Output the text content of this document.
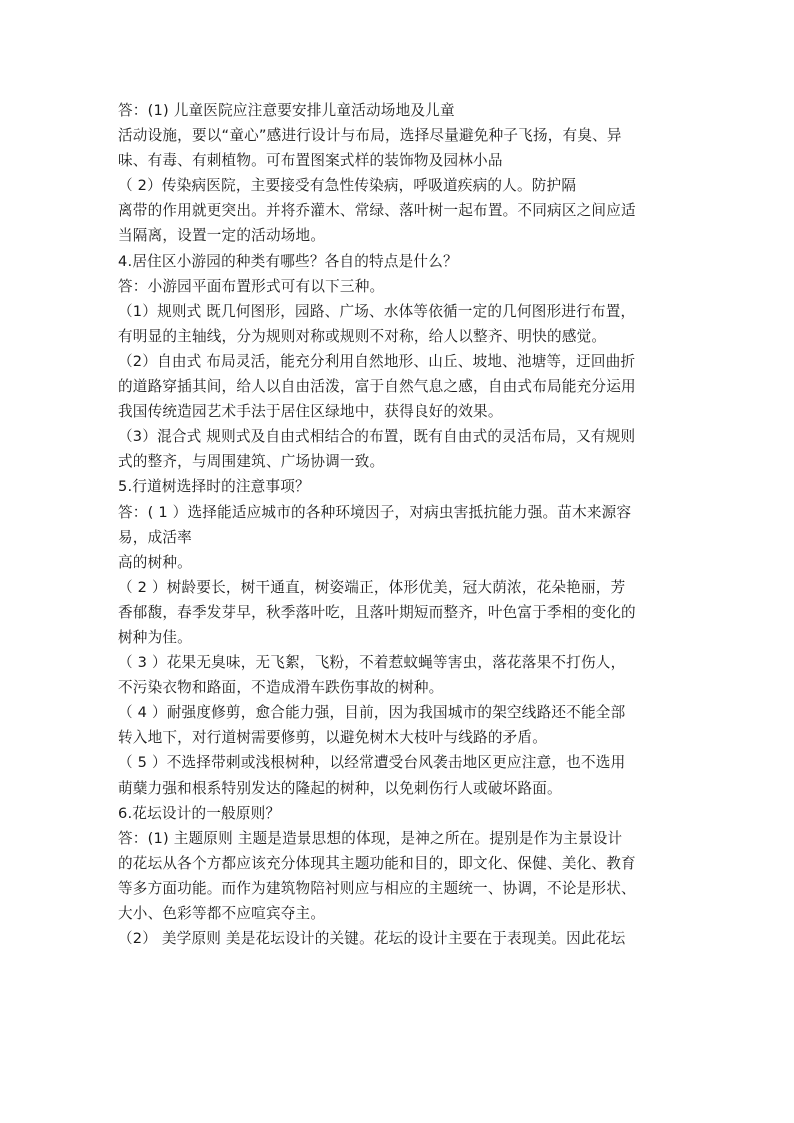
答：(1) 儿童医院应注意要安排儿童活动场地及儿童
活动设施，要以“童心”感进行设计与布局，选择尽量避免种子飞扬，有臭、异
味、有毒、有刺植物。可布置图案式样的装饰物及园林小品
（ 2）传染病医院，主要接受有急性传染病，呼吸道疾病的人。防护隔
离带的作用就更突出。并将乔灌木、常绿、落叶树一起布置。不同病区之间应适
当隔离，设置一定的活动场地。
4.居住区小游园的种类有哪些？各自的特点是什么？
答：小游园平面布置形式可有以下三种。
（1）规则式 既几何图形，园路、广场、水体等依循一定的几何图形进行布置，
有明显的主轴线，分为规则对称或规则不对称，给人以整齐、明快的感觉。
（2）自由式 布局灵活，能充分利用自然地形、山丘、坡地、池塘等，迂回曲折
的道路穿插其间，给人以自由活泼，富于自然气息之感，自由式布局能充分运用
我国传统造园艺术手法于居住区绿地中，获得良好的效果。
（3）混合式 规则式及自由式相结合的布置，既有自由式的灵活布局，又有规则
式的整齐，与周围建筑、广场协调一致。
5.行道树选择时的注意事项？
答：( 1 ）选择能适应城市的各种环境因子，对病虫害抵抗能力强。苗木来源容
易，成活率
高的树种。
（ 2 ）树龄要长，树干通直，树姿端正，体形优美，冠大荫浓，花朵艳丽，芳
香郁馥，春季发芽早，秋季落叶吃，且落叶期短而整齐，叶色富于季相的变化的
树种为佳。
（ 3 ）花果无臭味，无飞絮，飞粉，不着惹蚊蝇等害虫，落花落果不打伤人，
不污染衣物和路面，不造成滑车跌伤事故的树种。
（ 4 ）耐强度修剪，愈合能力强，目前，因为我国城市的架空线路还不能全部
转入地下，对行道树需要修剪，以避免树木大枝叶与线路的矛盾。
（ 5 ）不选择带刺或浅根树种，以经常遭受台风袭击地区更应注意，也不选用
萌蘖力强和根系特别发达的隆起的树种，以免刺伤行人或破坏路面。
6.花坛设计的一般原则？
答：(1) 主题原则 主题是造景思想的体现，是神之所在。提别是作为主景设计
的花坛从各个方都应该充分体现其主题功能和目的，即文化、保健、美化、教育
等多方面功能。而作为建筑物陪衬则应与相应的主题统一、协调，不论是形状、
大小、色彩等都不应喧宾夺主。
（2） 美学原则 美是花坛设计的关键。花坛的设计主要在于表现美。因此花坛
